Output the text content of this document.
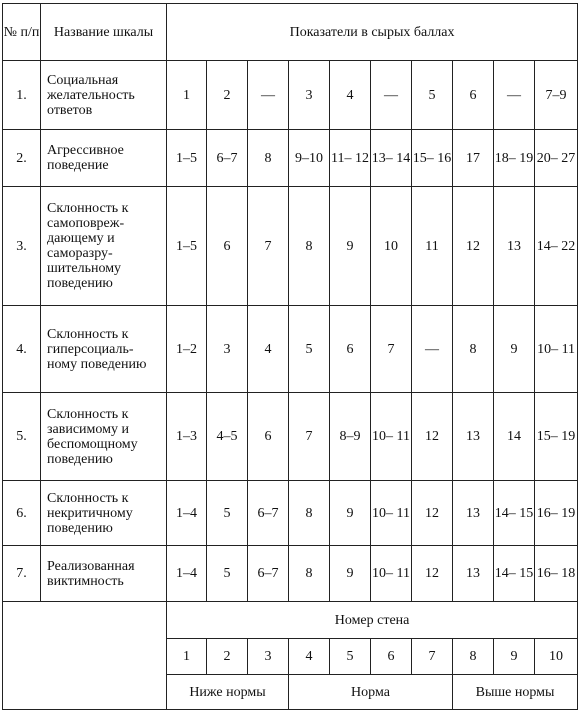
№ п/п	Название шкалы	Показатели в сырых баллах									
1.	Социальная желательность ответов	1	2	—	3	4	—	5	6	—	7–9
2.	Агрессивное поведение	1–5	6–7	8	9–10	11– 12	13– 14	15– 16	17	18– 19	20– 27
3.	Склонность к самоповреж- дающему и саморазру- шительному поведению	1–5	6	7	8	9	10	11	12	13	14– 22
4.	Склонность к гиперсоциаль- ному поведению	1–2	3	4	5	6	7	—	8	9	10– 11
5.	Склонность к зависимому и беспомощному поведению	1–3	4–5	6	7	8–9	10– 11	12	13	14	15– 19
6.	Склонность к некритичному поведению	1–4	5	6–7	8	9	10– 11	12	13	14– 15	16– 19
7.	Реализованная виктимность	1–4	5	6–7	8	9	10– 11	12	13	14– 15	16– 18
		Номер стена									
		1	2	3	4	5	6	7	8	9	10
		Ниже нормы			Норма				Выше нормы		
